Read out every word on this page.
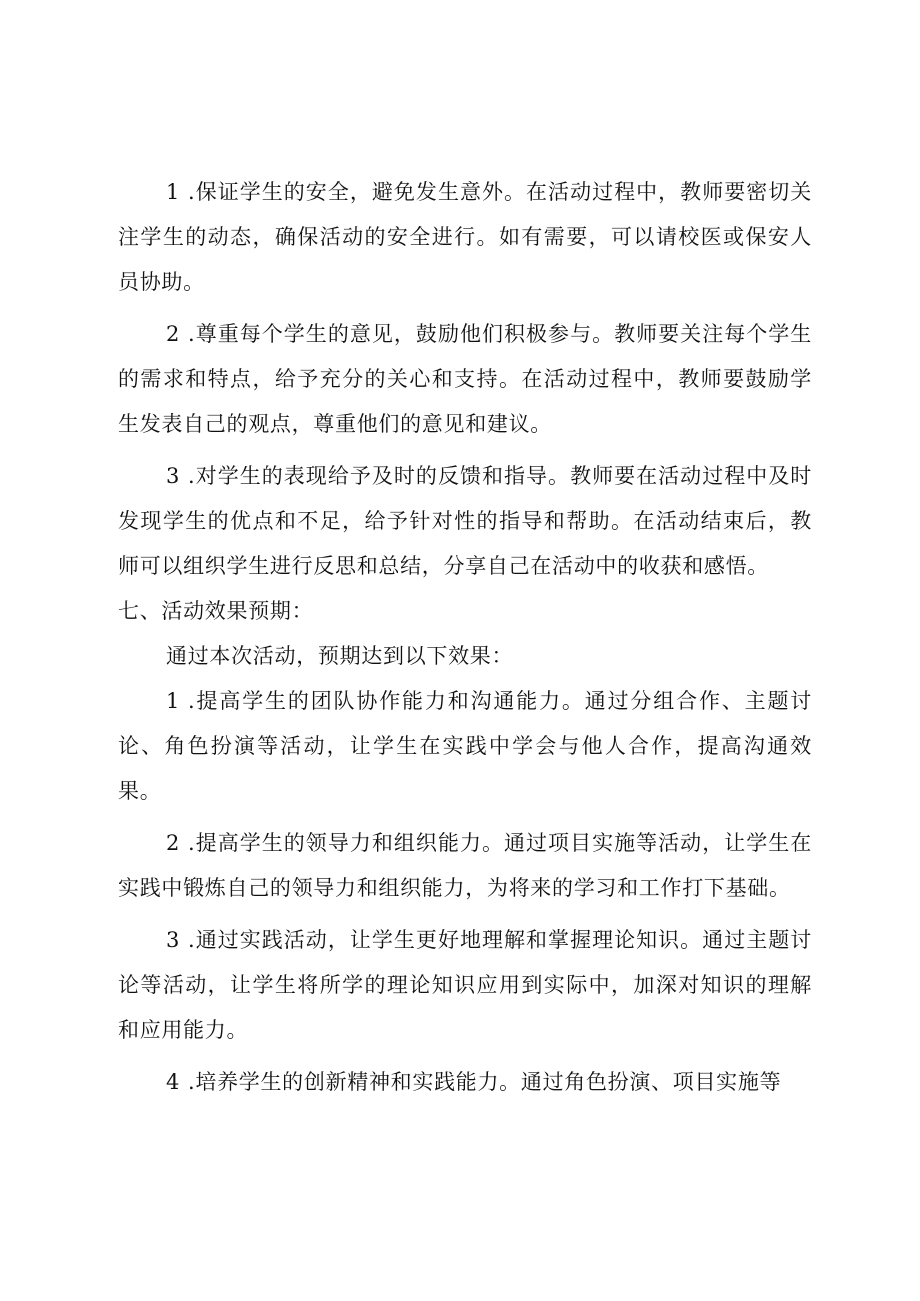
1 .保证学生的安全，避免发生意外。在活动过程中，教师要密切关注学生的动态，确保活动的安全进行。如有需要，可以请校医或保安人员协助。

2 .尊重每个学生的意见，鼓励他们积极参与。教师要关注每个学生的需求和特点，给予充分的关心和支持。在活动过程中，教师要鼓励学生发表自己的观点，尊重他们的意见和建议。

3 .对学生的表现给予及时的反馈和指导。教师要在活动过程中及时发现学生的优点和不足，给予针对性的指导和帮助。在活动结束后，教师可以组织学生进行反思和总结，分享自己在活动中的收获和感悟。

七、活动效果预期：

通过本次活动，预期达到以下效果：

1 .提高学生的团队协作能力和沟通能力。通过分组合作、主题讨论、角色扮演等活动，让学生在实践中学会与他人合作，提高沟通效果。

2 .提高学生的领导力和组织能力。通过项目实施等活动，让学生在实践中锻炼自己的领导力和组织能力，为将来的学习和工作打下基础。

3 .通过实践活动，让学生更好地理解和掌握理论知识。通过主题讨论等活动，让学生将所学的理论知识应用到实际中，加深对知识的理解和应用能力。

4 .培养学生的创新精神和实践能力。通过角色扮演、项目实施等
